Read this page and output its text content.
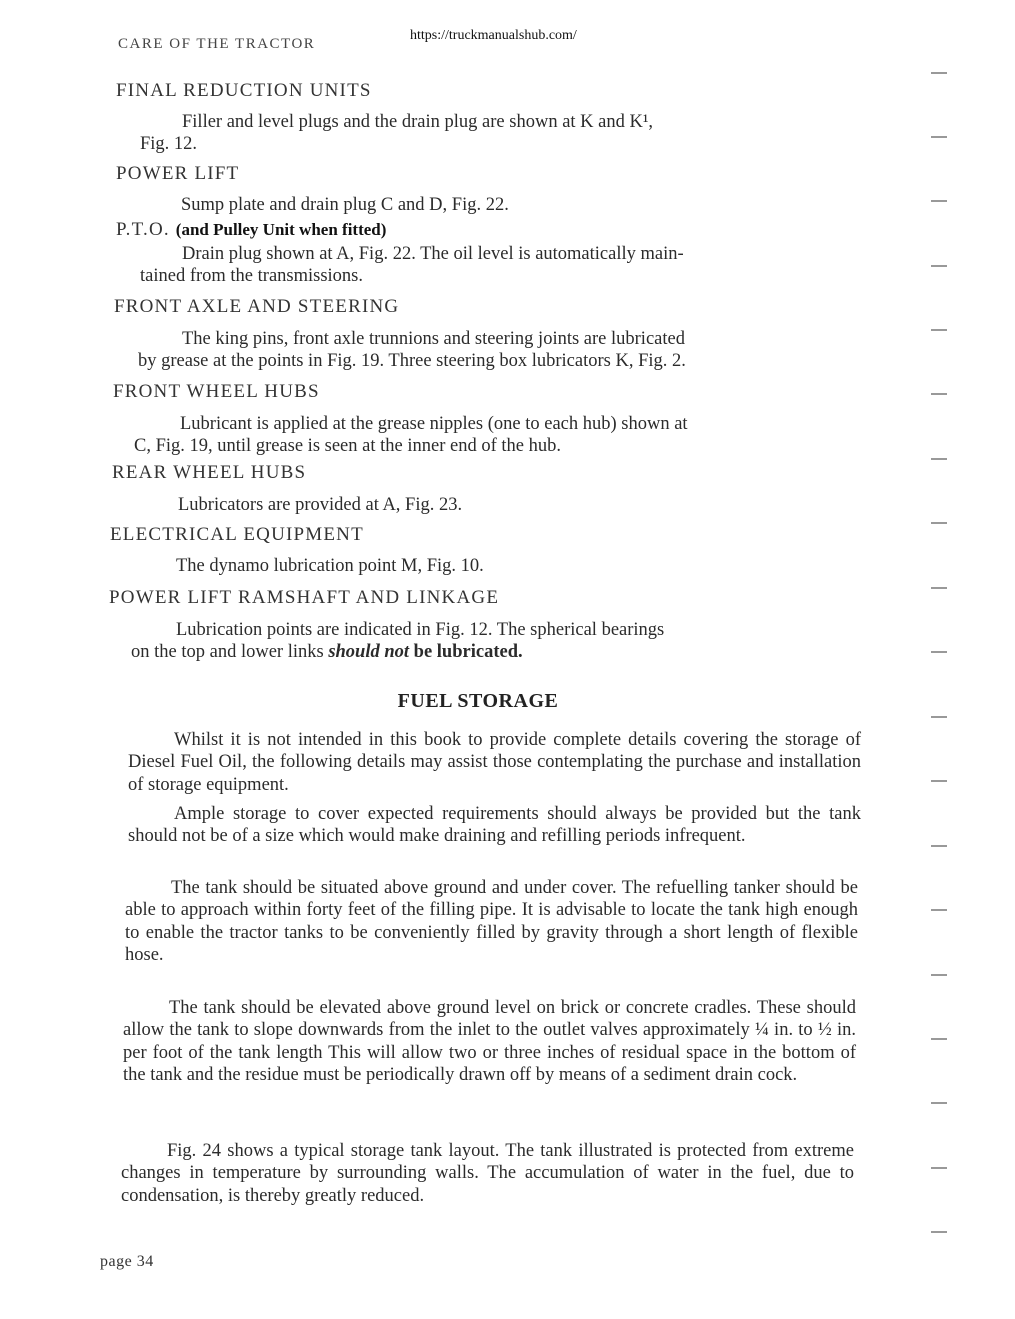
CARE OF THE TRACTOR
https://truckmanualshub.com/
FINAL REDUCTION UNITS
Filler and level plugs and the drain plug are shown at K and K¹,
Fig. 12.
POWER LIFT
Sump plate and drain plug C and D, Fig. 22.
P.T.O. (and Pulley Unit when fitted)
Drain plug shown at A, Fig. 22. The oil level is automatically main-
tained from the transmissions.
FRONT AXLE AND STEERING
The king pins, front axle trunnions and steering joints are lubricated
by grease at the points in Fig. 19. Three steering box lubricators K, Fig. 2.
FRONT WHEEL HUBS
Lubricant is applied at the grease nipples (one to each hub) shown at
C, Fig. 19, until grease is seen at the inner end of the hub.
REAR WHEEL HUBS
Lubricators are provided at A, Fig. 23.
ELECTRICAL EQUIPMENT
The dynamo lubrication point M, Fig. 10.
POWER LIFT RAMSHAFT AND LINKAGE
Lubrication points are indicated in Fig. 12. The spherical bearings
on the top and lower links should not be lubricated.
FUEL STORAGE
Whilst it is not intended in this book to provide complete details covering the storage of Diesel Fuel Oil, the following details may assist those contemplating the purchase and installation of storage equipment.
Ample storage to cover expected requirements should always be provided but the tank should not be of a size which would make draining and refilling periods infrequent.
The tank should be situated above ground and under cover. The refuelling tanker should be able to approach within forty feet of the filling pipe. It is advisable to locate the tank high enough to enable the tractor tanks to be conveniently filled by gravity through a short length of flexible hose.
The tank should be elevated above ground level on brick or concrete cradles. These should allow the tank to slope downwards from the inlet to the outlet valves approximately ¼ in. to ½ in. per foot of the tank length This will allow two or three inches of residual space in the bottom of the tank and the residue must be periodically drawn off by means of a sediment drain cock.
Fig. 24 shows a typical storage tank layout. The tank illustrated is protected from extreme changes in temperature by surrounding walls. The accumulation of water in the fuel, due to condensation, is thereby greatly reduced.
page 34
